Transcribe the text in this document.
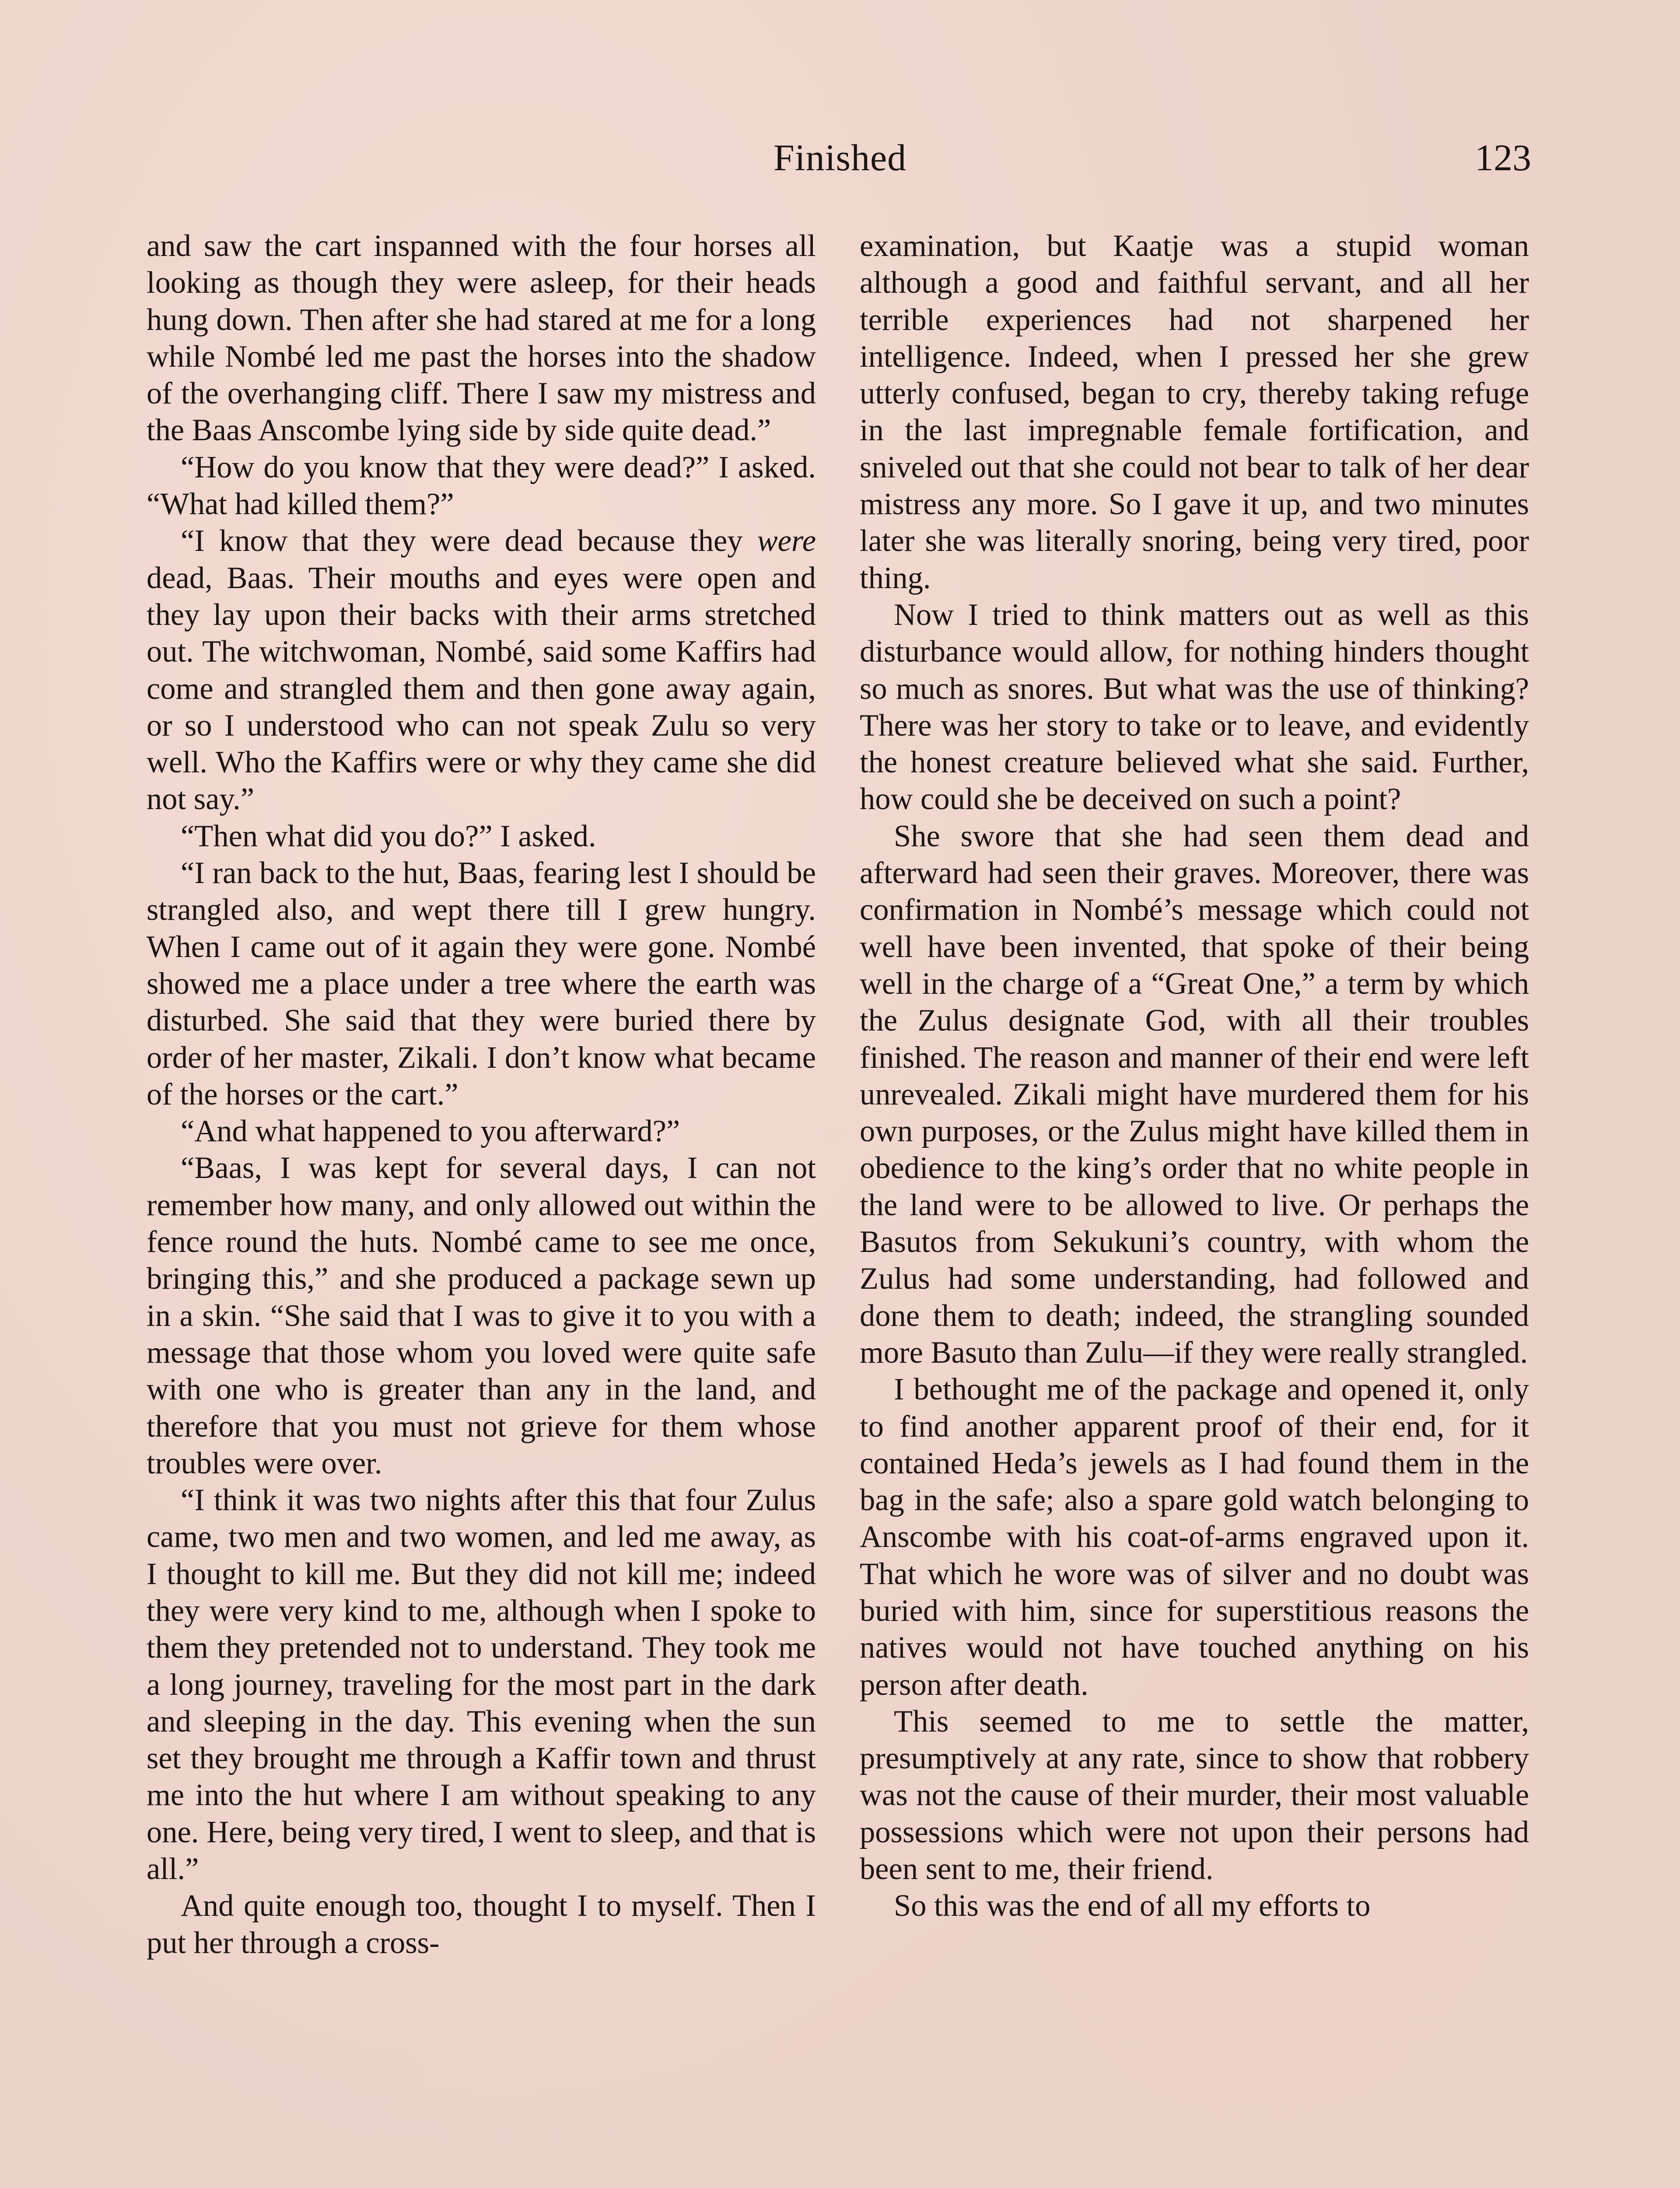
Finished	123

and saw the cart inspanned with the four horses all looking as though they were asleep, for their heads hung down. Then after she had stared at me for a long while Nombé led me past the horses into the shadow of the overhanging cliff. There I saw my mistress and the Baas Anscombe lying side by side quite dead.”

“How do you know that they were dead?” I asked. “What had killed them?”

“I know that they were dead because they were dead, Baas. Their mouths and eyes were open and they lay upon their backs with their arms stretched out. The witchwoman, Nombé, said some Kaffirs had come and strangled them and then gone away again, or so I understood who can not speak Zulu so very well. Who the Kaffirs were or why they came she did not say.”

“Then what did you do?” I asked.

“I ran back to the hut, Baas, fearing lest I should be strangled also, and wept there till I grew hungry. When I came out of it again they were gone. Nombé showed me a place under a tree where the earth was disturbed. She said that they were buried there by order of her master, Zikali. I don’t know what became of the horses or the cart.”

“And what happened to you afterward?”

“Baas, I was kept for several days, I can not remember how many, and only allowed out within the fence round the huts. Nombé came to see me once, bringing this,” and she produced a package sewn up in a skin. “She said that I was to give it to you with a message that those whom you loved were quite safe with one who is greater than any in the land, and therefore that you must not grieve for them whose troubles were over.

“I think it was two nights after this that four Zulus came, two men and two women, and led me away, as I thought to kill me. But they did not kill me; indeed they were very kind to me, although when I spoke to them they pretended not to understand. They took me a long journey, traveling for the most part in the dark and sleeping in the day. This evening when the sun set they brought me through a Kaffir town and thrust me into the hut where I am without speaking to any one. Here, being very tired, I went to sleep, and that is all.”

And quite enough too, thought I to myself. Then I put her through a cross-

examination, but Kaatje was a stupid woman although a good and faithful servant, and all her terrible experiences had not sharpened her intelligence. Indeed, when I pressed her she grew utterly confused, began to cry, thereby taking refuge in the last impregnable female fortification, and sniveled out that she could not bear to talk of her dear mistress any more. So I gave it up, and two minutes later she was literally snoring, being very tired, poor thing.

Now I tried to think matters out as well as this disturbance would allow, for nothing hinders thought so much as snores. But what was the use of thinking? There was her story to take or to leave, and evidently the honest creature believed what she said. Further, how could she be deceived on such a point?

She swore that she had seen them dead and afterward had seen their graves. Moreover, there was confirmation in Nombé’s message which could not well have been invented, that spoke of their being well in the charge of a “Great One,” a term by which the Zulus designate God, with all their troubles finished. The reason and manner of their end were left unrevealed. Zikali might have murdered them for his own purposes, or the Zulus might have killed them in obedience to the king’s order that no white people in the land were to be allowed to live. Or perhaps the Basutos from Sekukuni’s country, with whom the Zulus had some understanding, had followed and done them to death; indeed, the strangling sounded more Basuto than Zulu—if they were really strangled.

I bethought me of the package and opened it, only to find another apparent proof of their end, for it contained Heda’s jewels as I had found them in the bag in the safe; also a spare gold watch belonging to Anscombe with his coat-of-arms engraved upon it. That which he wore was of silver and no doubt was buried with him, since for superstitious reasons the natives would not have touched anything on his person after death.

This seemed to me to settle the matter, presumptively at any rate, since to show that robbery was not the cause of their murder, their most valuable possessions which were not upon their persons had been sent to me, their friend.

So this was the end of all my efforts to
